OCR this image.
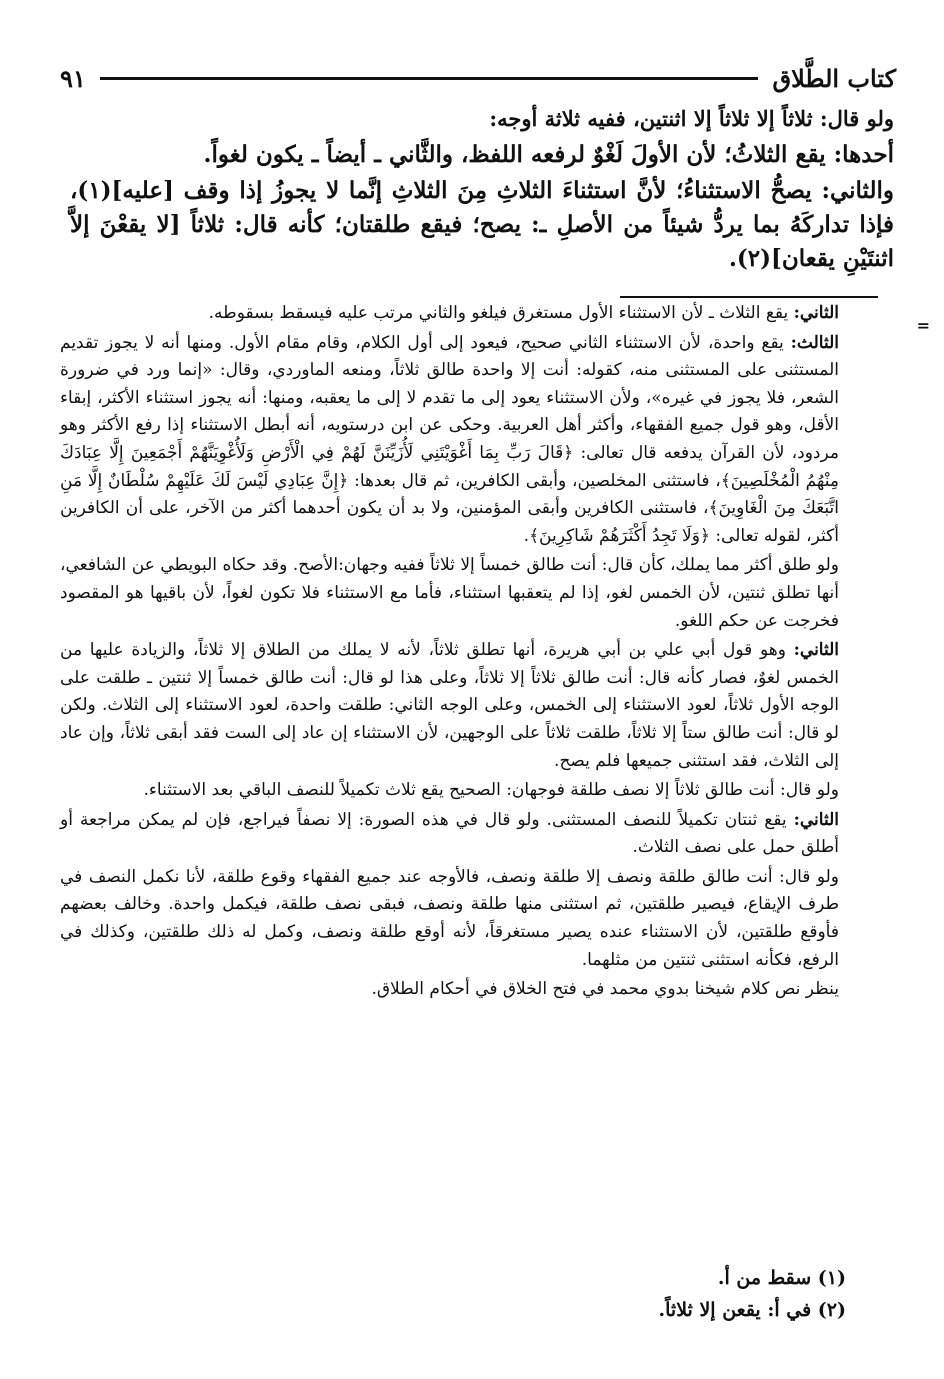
كتاب الطَّلاق
٩١

ولو قال: ثلاثاً إلا ثلاثاً إلا اثنتين، ففيه ثلاثة أوجه:

أحدها: يقع الثلاثُ؛ لأن الأولَ لَغْوٌ لرفعه اللفظ، والثَّاني ـ أيضاً ـ يكون لغواً.

والثاني: يصحُّ الاستثناءُ؛ لأنَّ استثناءَ الثلاثِ مِنَ الثلاثِ إنَّما لا يجوزُ إذا وقف [عليه](١)، فإذا تداركَهُ بما يردُّ شيئاً من الأصلِ ـ: يصح؛ فيقع طلقتان؛ كأنه قال: ثلاثاً [لا يقعْنَ إلاَّ اثنتَيْنِ يقعان](٢).

=

الثاني: يقع الثلاث ـ لأن الاستثناء الأول مستغرق فيلغو والثاني مرتب عليه فيسقط بسقوطه.

الثالث: يقع واحدة، لأن الاستثناء الثاني صحيح، فيعود إلى أول الكلام، وقام مقام الأول. ومنها أنه لا يجوز تقديم المستثنى على المستثنى منه، كقوله: أنت إلا واحدة طالق ثلاثاً، ومنعه الماوردي، وقال: «إنما ورد في ضرورة الشعر، فلا يجوز في غيره»، ولأن الاستثناء يعود إلى ما تقدم لا إلى ما يعقبه، ومنها: أنه يجوز استثناء الأكثر، إبقاء الأقل، وهو قول جميع الفقهاء، وأكثر أهل العربية. وحكى عن ابن درستويه، أنه أبطل الاستثناء إذا رفع الأكثر وهو مردود، لأن القرآن يدفعه قال تعالى: ﴿قَالَ رَبِّ بِمَا أَغْوَيْتَنِي لَأُزَيِّنَنَّ لَهُمْ فِي الْأَرْضِ وَلَأُغْوِيَنَّهُمْ أَجْمَعِينَ إِلَّا عِبَادَكَ مِنْهُمُ الْمُخْلَصِينَ﴾، فاستثنى المخلصين، وأبقى الكافرين، ثم قال بعدها: ﴿إِنَّ عِبَادِي لَيْسَ لَكَ عَلَيْهِمْ سُلْطَانٌ إِلَّا مَنِ اتَّبَعَكَ مِنَ الْغَاوِينَ﴾، فاستثنى الكافرين وأبقى المؤمنين، ولا بد أن يكون أحدهما أكثر من الآخر، على أن الكافرين أكثر، لقوله تعالى: ﴿وَلَا تَجِدُ أَكْثَرَهُمْ شَاكِرِينَ﴾.

ولو طلق أكثر مما يملك، كأن قال: أنت طالق خمساً إلا ثلاثاً ففيه وجهان:الأصح. وقد حكاه البويطي عن الشافعي، أنها تطلق ثنتين، لأن الخمس لغو، إذا لم يتعقبها استثناء، فأما مع الاستثناء فلا تكون لغواً، لأن باقيها هو المقصود فخرجت عن حكم اللغو.

الثاني: وهو قول أبي علي بن أبي هريرة، أنها تطلق ثلاثاً، لأنه لا يملك من الطلاق إلا ثلاثاً، والزيادة عليها من الخمس لغوٌ، فصار كأنه قال: أنت طالق ثلاثاً إلا ثلاثاً، وعلى هذا لو قال: أنت طالق خمساً إلا ثنتين ـ طلقت على الوجه الأول ثلاثاً، لعود الاستثناء إلى الخمس، وعلى الوجه الثاني: طلقت واحدة، لعود الاستثناء إلى الثلاث. ولكن لو قال: أنت طالق ستاً إلا ثلاثاً، طلقت ثلاثاً على الوجهين، لأن الاستثناء إن عاد إلى الست فقد أبقى ثلاثاً، وإن عاد إلى الثلاث، فقد استثنى جميعها فلم يصح.

ولو قال: أنت طالق ثلاثاً إلا نصف طلقة فوجهان: الصحيح يقع ثلاث تكميلاً للنصف الباقي بعد الاستثناء.

الثاني: يقع ثنتان تكميلاً للنصف المستثنى. ولو قال في هذه الصورة: إلا نصفاً فيراجع، فإن لم يمكن مراجعة أو أطلق حمل على نصف الثلاث.

ولو قال: أنت طالق طلقة ونصف إلا طلقة ونصف، فالأوجه عند جميع الفقهاء وقوع طلقة، لأنا نكمل النصف في طرف الإيقاع، فيصير طلقتين، ثم استثنى منها طلقة ونصف، فبقى نصف طلقة، فيكمل واحدة. وخالف بعضهم فأوقع طلقتين، لأن الاستثناء عنده يصير مستغرقاً، لأنه أوقع طلقة ونصف، وكمل له ذلك طلقتين، وكذلك في الرفع، فكأنه استثنى ثنتين من مثلهما.

ينظر نص كلام شيخنا بدوي محمد في فتح الخلاق في أحكام الطلاق.

(١) سقط من أ.

(٢) في أ: يقعن إلا ثلاثاً.
